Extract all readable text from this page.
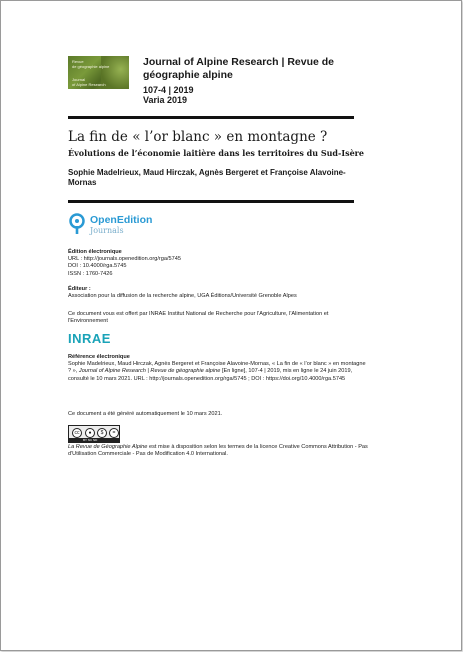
Revue
de géographie alpine
Journal
of Alpine Research
Journal of Alpine Research | Revue de géographie alpine
107-4 | 2019
Varia 2019
La fin de « l’or blanc » en montagne ?
Évolutions de l’économie laitière dans les territoires du Sud-Isère
Sophie Madelrieux, Maud Hirczak, Agnès Bergeret et Françoise Alavoine-Mornas
OpenEdition
Journals
Édition électronique
URL : http://journals.openedition.org/rga/5745
DOI : 10.4000/rga.5745
ISSN : 1760-7426
Éditeur :
Association pour la diffusion de la recherche alpine, UGA Éditions/Université Grenoble Alpes
Ce document vous est offert par INRAE Institut National de Recherche pour l'Agriculture, l'Alimentation et l'Environnement
INRAE
Référence électronique
Sophie Madelrieux, Maud Hirczak, Agnès Bergeret et Françoise Alavoine-Mornas, « La fin de « l’or blanc » en montagne ? », Journal of Alpine Research | Revue de géographie alpine [En ligne], 107-4 | 2019, mis en ligne le 24 juin 2019, consulté le 10 mars 2021. URL : http://journals.openedition.org/rga/5745 ; DOI : https://doi.org/10.4000/rga.5745
Ce document a été généré automatiquement le 10 mars 2021.
cc	●	$	=
BY NC ND
La Revue de Géographie Alpine est mise à disposition selon les termes de la licence Creative Commons Attribution - Pas d'Utilisation Commerciale - Pas de Modification 4.0 International.
